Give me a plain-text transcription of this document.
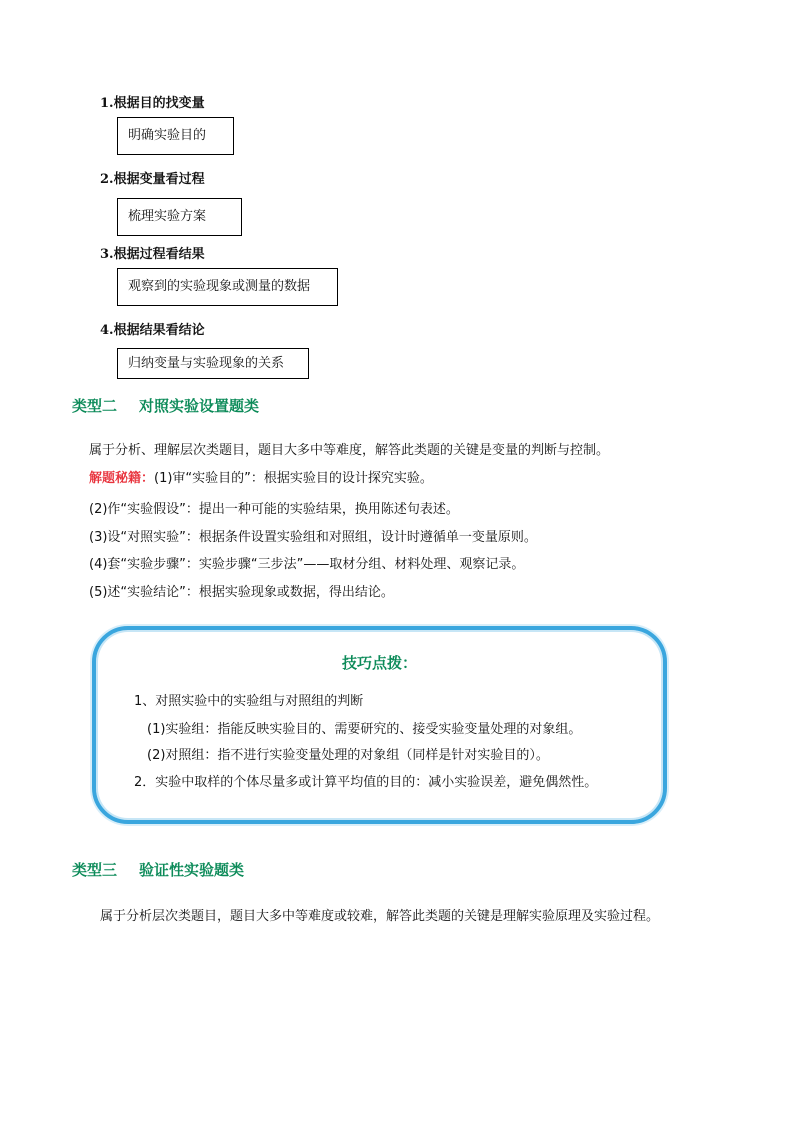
1.根据目的找变量
明确实验目的
2.根据变量看过程
梳理实验方案
3.根据过程看结果
观察到的实验现象或测量的数据
4.根据结果看结论
归纳变量与实验现象的关系
类型二 对照实验设置题类
属于分析、理解层次类题目，题目大多中等难度，解答此类题的关键是变量的判断与控制。
解题秘籍：(1)审“实验目的”：根据实验目的设计探究实验。
(2)作“实验假设”：提出一种可能的实验结果，换用陈述句表述。
(3)设“对照实验”：根据条件设置实验组和对照组，设计时遵循单一变量原则。
(4)套“实验步骤”：实验步骤“三步法”——取材分组、材料处理、观察记录。
(5)述“实验结论”：根据实验现象或数据，得出结论。
技巧点拨：
1、对照实验中的实验组与对照组的判断
(1)实验组：指能反映实验目的、需要研究的、接受实验变量处理的对象组。
(2)对照组：指不进行实验变量处理的对象组（同样是针对实验目的）。
2．实验中取样的个体尽量多或计算平均值的目的：减小实验误差，避免偶然性。
类型三 验证性实验题类
属于分析层次类题目，题目大多中等难度或较难，解答此类题的关键是理解实验原理及实验过程。
